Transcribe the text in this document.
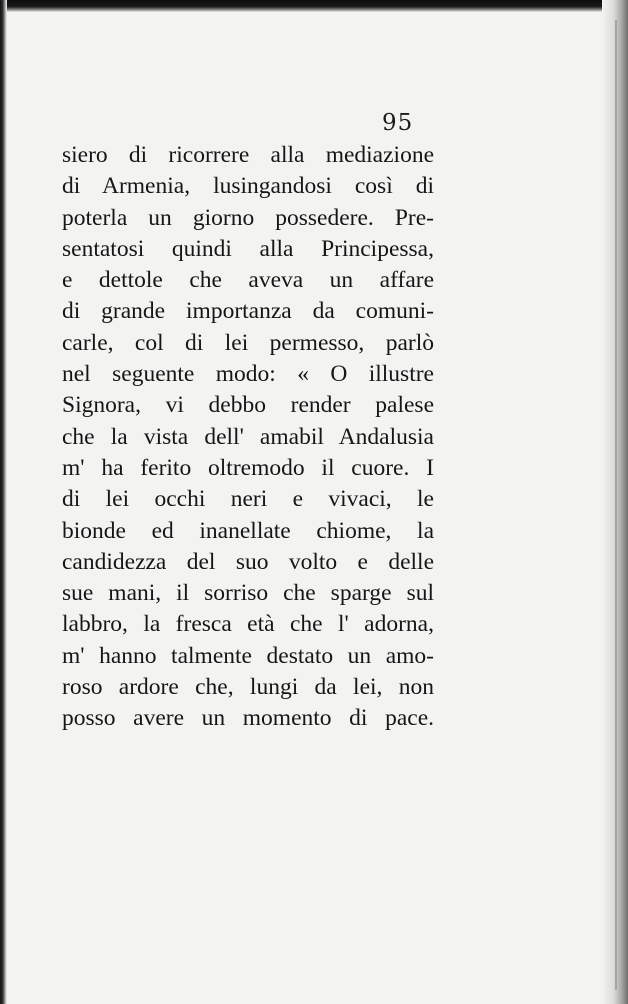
95
siero di ricorrere alla mediazione
di Armenia, lusingandosi così di
poterla un giorno possedere. Pre-
sentatosi quindi alla Principessa,
e dettole che aveva un affare
di grande importanza da comuni-
carle, col di lei permesso, parlò
nel seguente modo: « O illustre
Signora, vi debbo render palese
che la vista dell' amabil Andalusia
m' ha ferito oltremodo il cuore. I
di lei occhi neri e vivaci, le
bionde ed inanellate chiome, la
candidezza del suo volto e delle
sue mani, il sorriso che sparge sul
labbro, la fresca età che l' adorna,
m' hanno talmente destato un amo-
roso ardore che, lungi da lei, non
posso avere un momento di pace.
